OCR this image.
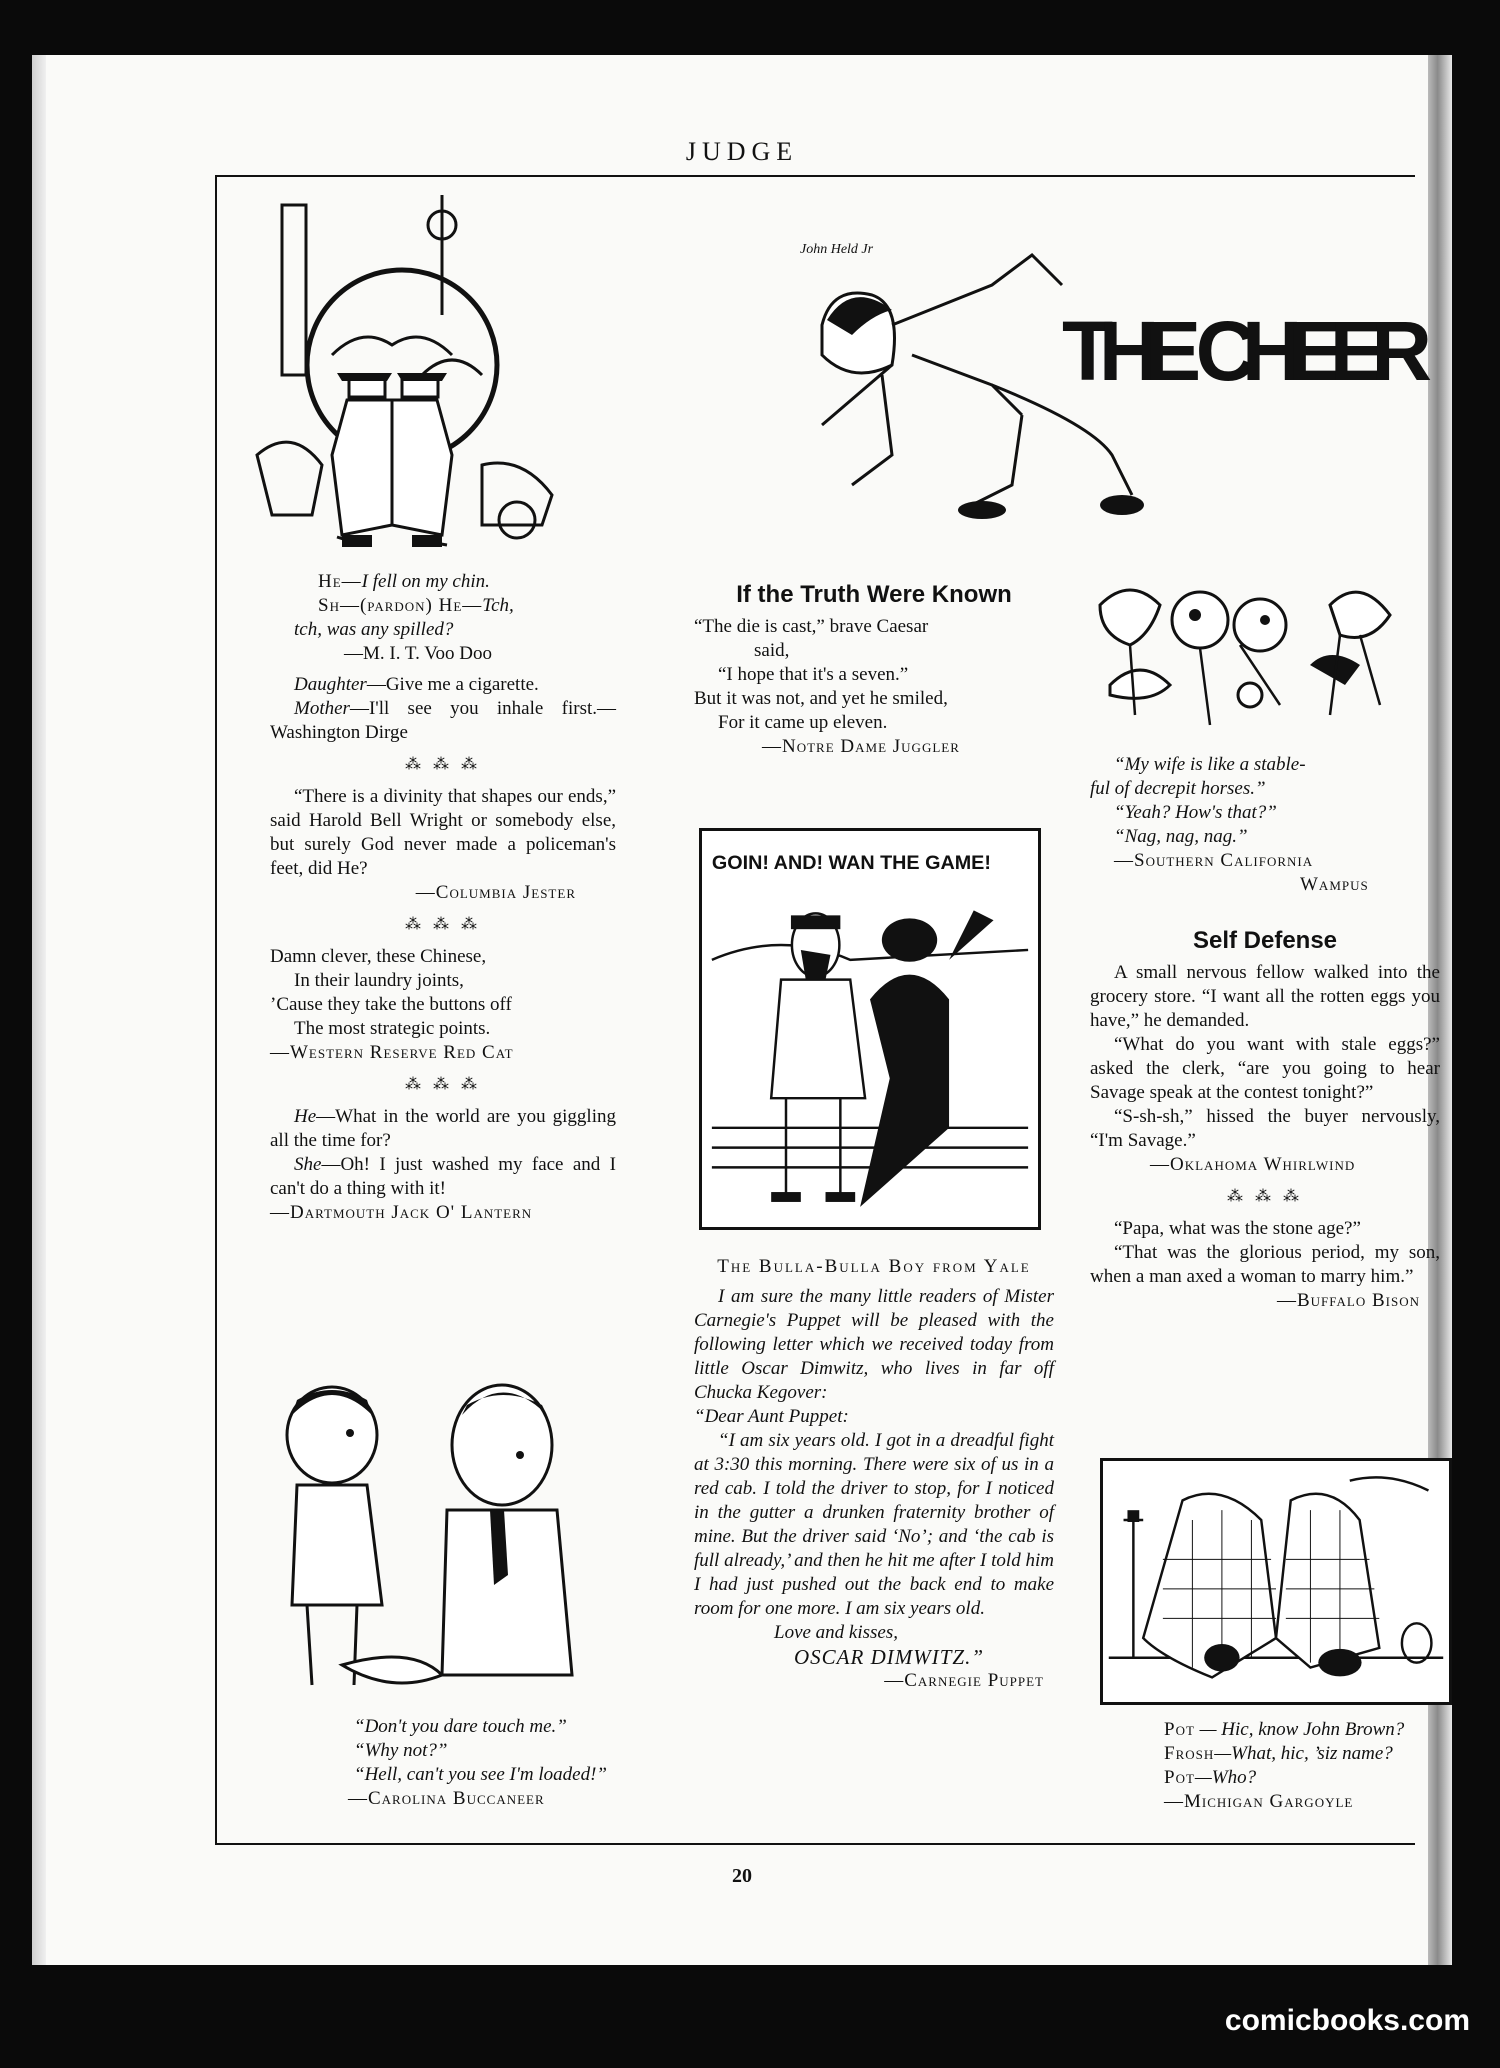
JUDGE

He—I fell on my chin.

Sh—(pardon) He—Tch,

tch, was any spilled?

—M. I. T. Voo Doo

Daughter—Give me a cigarette.

Mother—I'll see you inhale first.—Washington Dirge

⁂ ⁂ ⁂

“There is a divinity that shapes our ends,” said Harold Bell Wright or somebody else, but surely God never made a policeman's feet, did He?

—Columbia Jester

⁂ ⁂ ⁂

Damn clever, these Chinese,

In their laundry joints,

’Cause they take the buttons off

The most strategic points.

—Western Reserve Red Cat

⁂ ⁂ ⁂

He—What in the world are you giggling all the time for?

She—Oh! I just washed my face and I can't do a thing with it!

—Dartmouth Jack O' Lantern

“Don't you dare touch me.”

“Why not?”

“Hell, can't you see I'm loaded!”

—Carolina Buccaneer

John Held Jr
THE CHEER

If the Truth Were Known

“The die is cast,” brave Caesar

said,

“I hope that it's a seven.”

But it was not, and yet he smiled,

For it came up eleven.

—Notre Dame Juggler

GOIN! AND! WAN THE GAME!

The Bulla-Bulla Boy from Yale

I am sure the many little readers of Mister Carnegie's Puppet will be pleased with the following letter which we received today from little Oscar Dimwitz, who lives in far off Chucka Kegover:

“Dear Aunt Puppet:

“I am six years old. I got in a dreadful fight at 3:30 this morning. There were six of us in a red cab. I told the driver to stop, for I noticed in the gutter a drunken fraternity brother of mine. But the driver said ‘No’; and ‘the cab is full already,’ and then he hit me after I told him I had just pushed out the back end to make room for one more. I am six years old.

Love and kisses,

OSCAR DIMWITZ.”

—Carnegie Puppet

“My wife is like a stable-

ful of decrepit horses.”

“Yeah? How's that?”

“Nag, nag, nag.”

—Southern California

Wampus

Self Defense

A small nervous fellow walked into the grocery store. “I want all the rotten eggs you have,” he demanded.

“What do you want with stale eggs?” asked the clerk, “are you going to hear Savage speak at the contest tonight?”

“S-sh-sh,” hissed the buyer nervously, “I'm Savage.”

—Oklahoma Whirlwind

⁂ ⁂ ⁂

“Papa, what was the stone age?”

“That was the glorious period, my son, when a man axed a woman to marry him.”

—Buffalo Bison

Pot — Hic, know John Brown?

Frosh—What, hic, ’siz name?

Pot—Who?

—Michigan Gargoyle

20
comicbooks.com
